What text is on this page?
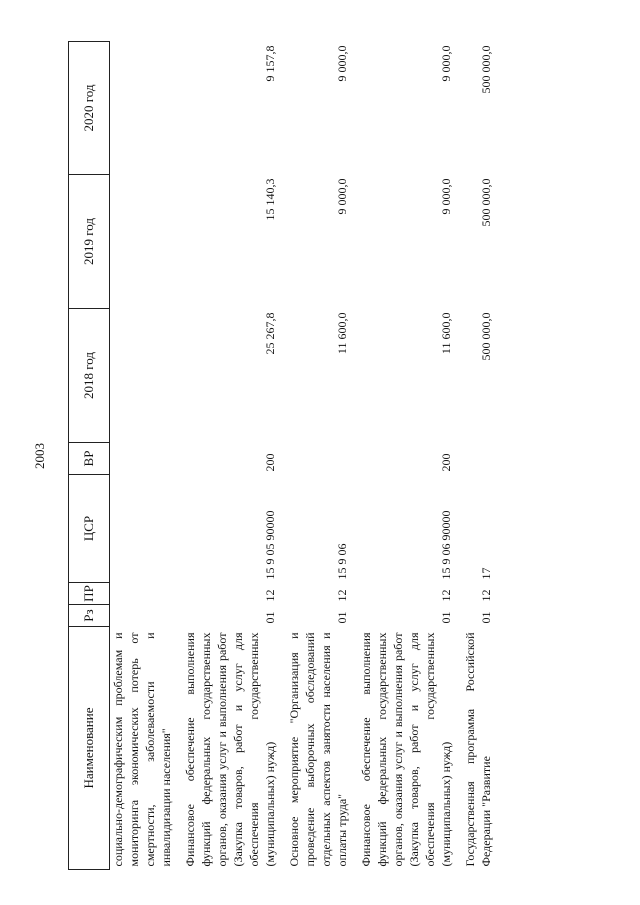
2003
Наименование	Рз	ПР	ЦСР	ВР	2018 год	2019 год	2020 год
социально-демографическим проблемам и мониторинга экономических потерь от смертности, заболеваемости и инвалидизации населения"							
Финансовое обеспечение выполнения функций федеральных государственных органов, оказания услуг и выполнения работ (Закупка товаров, работ и услуг для обеспечения государственных (муниципальных) нужд)	01	12	15 9 05 90000	200	25 267,8	15 140,3	9 157,8
Основное мероприятие "Организация и проведение выборочных обследований отдельных аспектов занятости населения и оплаты труда"	01	12	15 9 06		11 600,0	9 000,0	9 000,0
Финансовое обеспечение выполнения функций федеральных государственных органов, оказания услуг и выполнения работ (Закупка товаров, работ и услуг для обеспечения государственных (муниципальных) нужд)	01	12	15 9 06 90000	200	11 600,0	9 000,0	9 000,0
Государственная программа Российской Федерации "Развитие	01	12	17		500 000,0	500 000,0	500 000,0
